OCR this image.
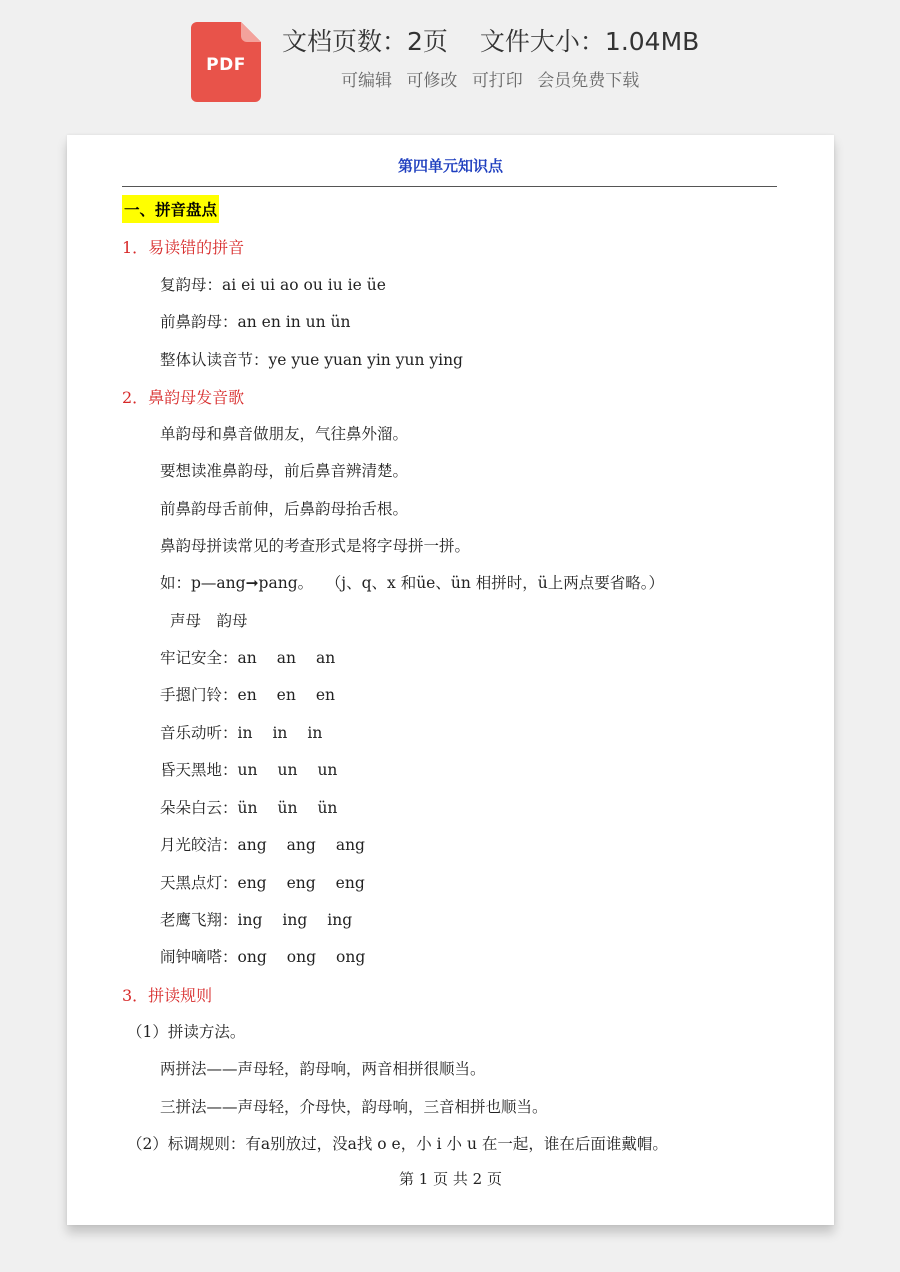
PDF
文档页数：2页 文件大小：1.04MB
可编辑 可修改 可打印 会员免费下载
第四单元知识点
一、拼音盘点
1．易读错的拼音
复韵母：ai ei ui ao ou iu ie üe
前鼻韵母：an en in un ün
整体认读音节：ye yue yuan yin yun ying
2．鼻韵母发音歌
单韵母和鼻音做朋友，气往鼻外溜。
要想读准鼻韵母，前后鼻音辨清楚。
前鼻韵母舌前伸，后鼻韵母抬舌根。
鼻韵母拼读常见的考查形式是将字母拼一拼。
如：p—ang➞pang。　 （j、q、x 和üe、ün 相拼时，ü上两点要省略。）
声母　韵母
牢记安全：an an an
手摁门铃：en en en
音乐动听：in in in
昏天黑地：un un un
朵朵白云：ün ün ün
月光皎洁：ang ang ang
天黑点灯：eng eng eng
老鹰飞翔：ing ing ing
闹钟嘀嗒：ong ong ong
3．拼读规则
（1）拼读方法。
两拼法——声母轻，韵母响，两音相拼很顺当。
三拼法——声母轻，介母快，韵母响，三音相拼也顺当。
（2）标调规则：有a别放过，没a找 o e，小 i 小 u 在一起，谁在后面谁戴帽。
第 1 页 共 2 页
